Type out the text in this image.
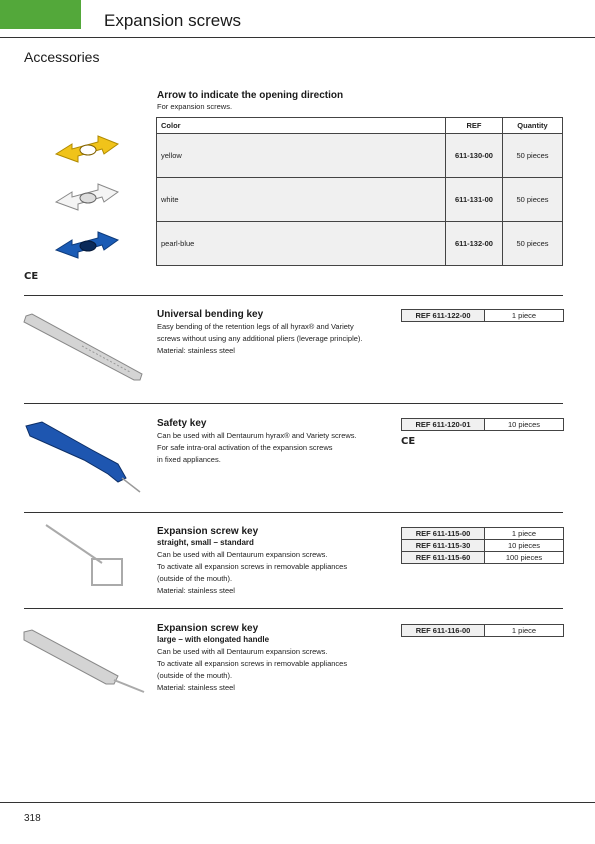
Expansion screws
Accessories
Arrow to indicate the opening direction
For expansion screws.
Color	REF	Quantity
yellow	611-130-00	50 pieces
white	611-131-00	50 pieces
pearl-blue	611-132-00	50 pieces
CE
Universal bending key
Easy bending of the retention legs of all hyrax® and Variety
screws without using any additional pliers (leverage principle).
Material: stainless steel
REF 611-122-00	1 piece
Safety key
Can be used with all Dentaurum hyrax® and Variety screws.
For safe intra-oral activation of the expansion screws
in fixed appliances.
REF 611-120-01	10 pieces
CE
Expansion screw key
straight, small – standard
Can be used with all Dentaurum expansion screws.
To activate all expansion screws in removable appliances
(outside of the mouth).
Material: stainless steel
REF 611-115-00	1 piece
REF 611-115-30	10 pieces
REF 611-115-60	100 pieces
Expansion screw key
large – with elongated handle
Can be used with all Dentaurum expansion screws.
To activate all expansion screws in removable appliances
(outside of the mouth).
Material: stainless steel
REF 611-116-00	1 piece
318
